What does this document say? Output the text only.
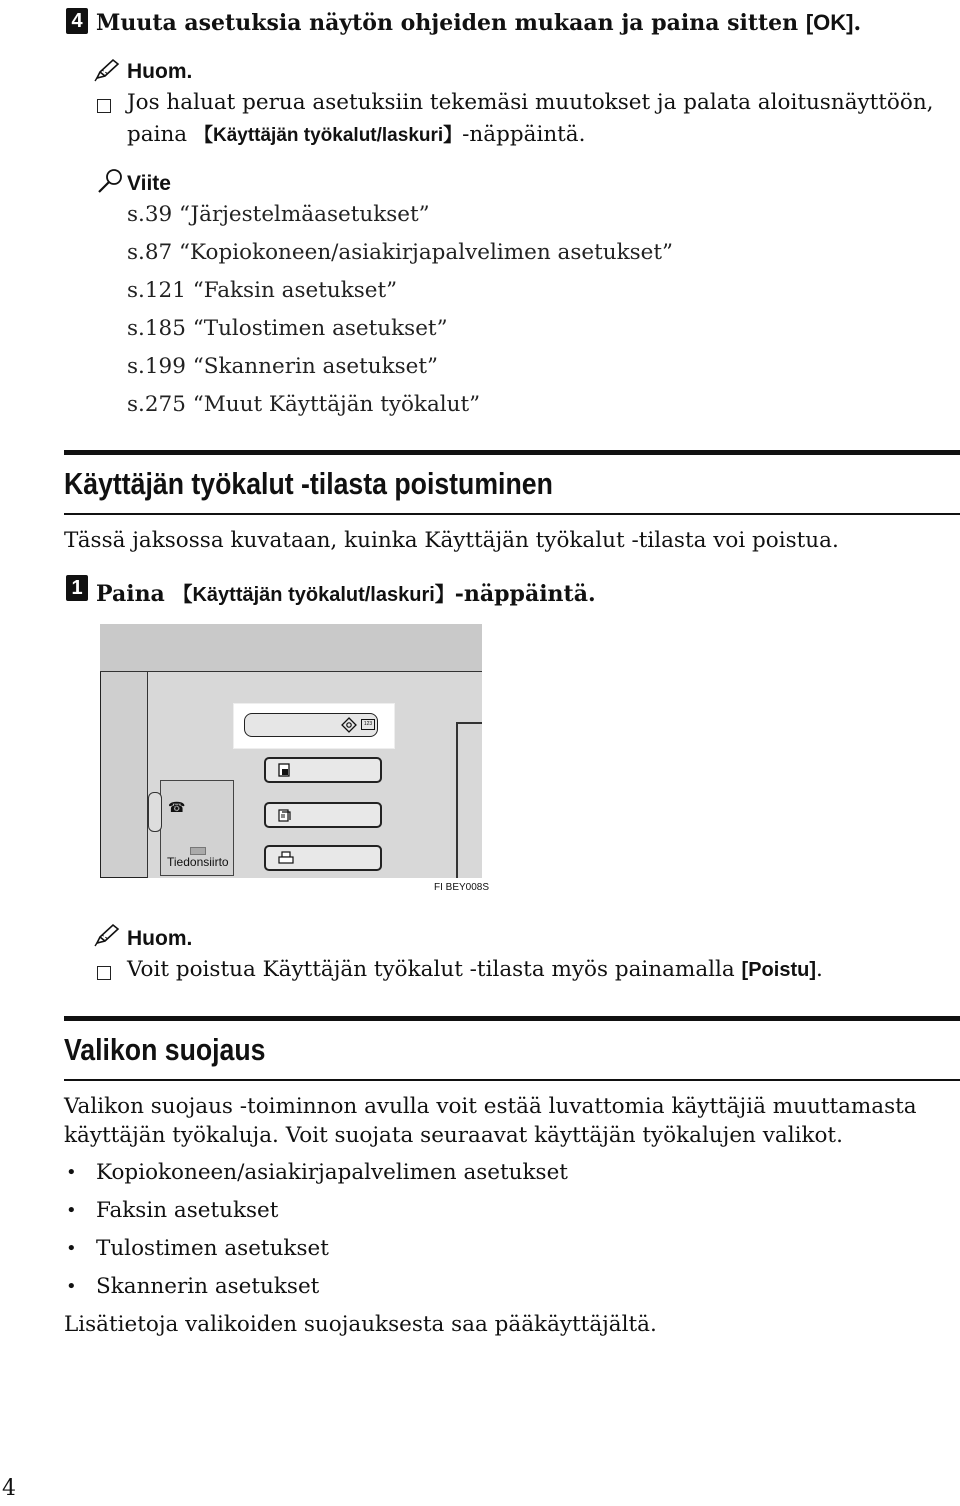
4 Muuta asetuksia näytön ohjeiden mukaan ja paina sitten [OK].
Huom.
Jos haluat perua asetuksiin tekemäsi muutokset ja palata aloitusnäyttöön,
paina 【Käyttäjän työkalut/laskuri】-näppäintä.
Viite
s.39 “Järjestelmäasetukset”
s.87 “Kopiokoneen/asiakirjapalvelimen asetukset”
s.121 “Faksin asetukset”
s.185 “Tulostimen asetukset”
s.199 “Skannerin asetukset”
s.275 “Muut Käyttäjän työkalut”
Käyttäjän työkalut -tilasta poistuminen
Tässä jaksossa kuvataan, kuinka Käyttäjän työkalut -tilasta voi poistua.
1 Paina 【Käyttäjän työkalut/laskuri】-näppäintä.
123
☎
Tiedonsiirto
FI BEY008S
Huom.
Voit poistua Käyttäjän työkalut -tilasta myös painamalla [Poistu].
Valikon suojaus
Valikon suojaus -toiminnon avulla voit estää luvattomia käyttäjiä muuttamasta
käyttäjän työkaluja. Voit suojata seuraavat käyttäjän työkalujen valikot.
• Kopiokoneen/asiakirjapalvelimen asetukset
• Faksin asetukset
• Tulostimen asetukset
• Skannerin asetukset
Lisätietoja valikoiden suojauksesta saa pääkäyttäjältä.
4
